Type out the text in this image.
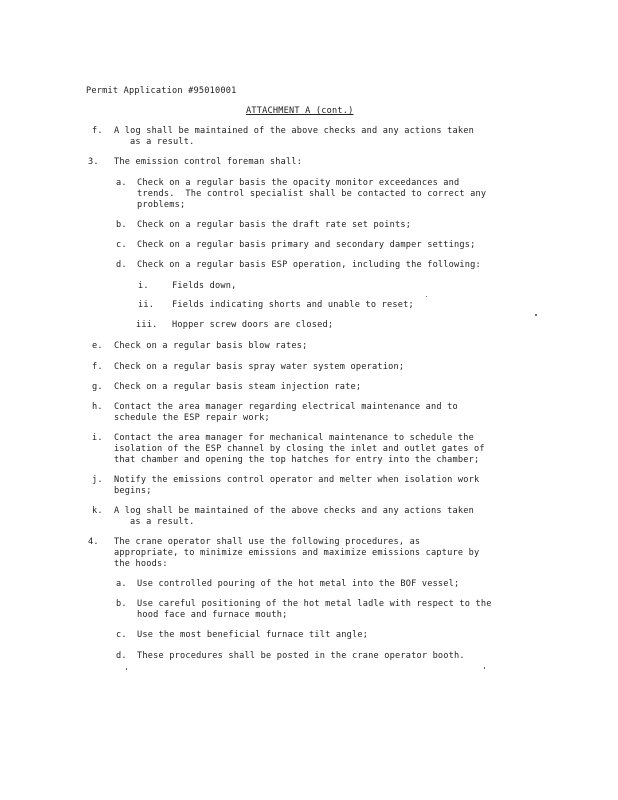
Permit Application #95010001
ATTACHMENT A (cont.)
f. A log shall be maintained of the above checks and any actions taken
as a result.
3. The emission control foreman shall:
a. Check on a regular basis the opacity monitor exceedances and
trends.  The control specialist shall be contacted to correct any
problems;
b. Check on a regular basis the draft rate set points;
c. Check on a regular basis primary and secondary damper settings;
d. Check on a regular basis ESP operation, including the following:
i.	Fields down,
ii. Fields indicating shorts and unable to reset;
iii. Hopper screw doors are closed;
e. Check on a regular basis blow rates;
f. Check on a regular basis spray water system operation;
g. Check on a regular basis steam injection rate;
h. Contact the area manager regarding electrical maintenance and to
schedule the ESP repair work;
i. Contact the area manager for mechanical maintenance to schedule the
isolation of the ESP channel by closing the inlet and outlet gates of
that chamber and opening the top hatches for entry into the chamber;
j. Notify the emissions control operator and melter when isolation work
begins;
k. A log shall be maintained of the above checks and any actions taken
as a result.
4. The crane operator shall use the following procedures, as
appropriate, to minimize emissions and maximize emissions capture by
the hoods:
a. Use controlled pouring of the hot metal into the BOF vessel;
b. Use careful positioning of the hot metal ladle with respect to the
hood face and furnace mouth;
c. Use the most beneficial furnace tilt angle;
d. These procedures shall be posted in the crane operator booth.
